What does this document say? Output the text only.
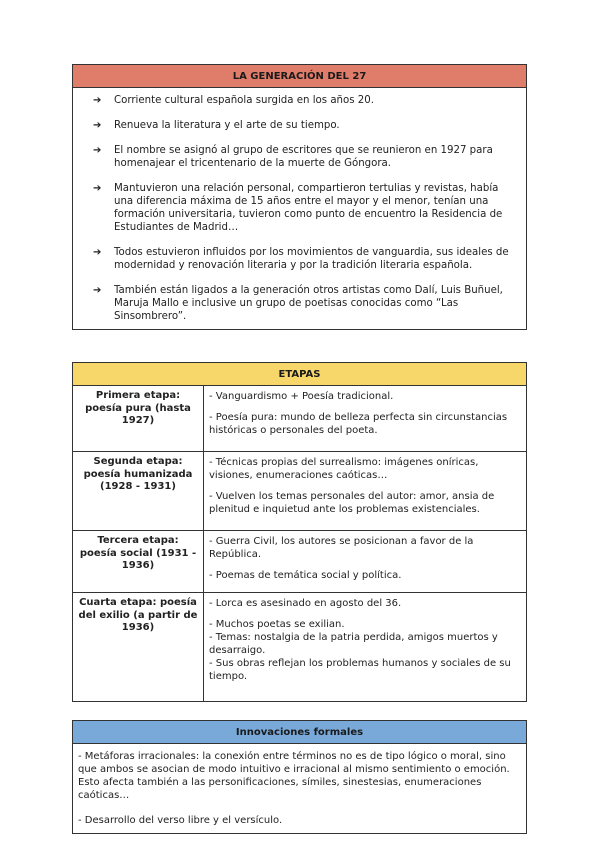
LA GENERACIÓN DEL 27
➔ Corriente cultural española surgida en los años 20.
➔ Renueva la literatura y el arte de su tiempo.
➔ El nombre se asignó al grupo de escritores que se reunieron en 1927 para homenajear el tricentenario de la muerte de Góngora.
➔ Mantuvieron una relación personal, compartieron tertulias y revistas, había una diferencia máxima de 15 años entre el mayor y el menor, tenían una formación universitaria, tuvieron como punto de encuentro la Residencia de Estudiantes de Madrid…
➔ Todos estuvieron influidos por los movimientos de vanguardia, sus ideales de modernidad y renovación literaria y por la tradición literaria española.
➔ También están ligados a la generación otros artistas como Dalí, Luis Buñuel, Maruja Mallo e inclusive un grupo de poetisas conocidas como “Las Sinsombrero”.
ETAPAS
Primera etapa: poesía pura (hasta 1927)	- Vanguardismo + Poesía tradicional.

- Poesía pura: mundo de belleza perfecta sin circunstancias históricas o personales del poeta.

Segunda etapa: poesía humanizada (1928 - 1931)	- Técnicas propias del surrealismo: imágenes oníricas, visiones, enumeraciones caóticas…

- Vuelven los temas personales del autor: amor, ansia de plenitud e inquietud ante los problemas existenciales.

Tercera etapa: poesía social (1931 - 1936)	- Guerra Civil, los autores se posicionan a favor de la República.

- Poemas de temática social y política.

Cuarta etapa: poesía del exilio (a partir de 1936)	- Lorca es asesinado en agosto del 36.

- Muchos poetas se exilian.

- Temas: nostalgia de la patria perdida, amigos muertos y desarraigo.

- Sus obras reflejan los problemas humanos y sociales de su tiempo.

Innovaciones formales

- Metáforas irracionales: la conexión entre términos no es de tipo lógico o moral, sino que ambos se asocian de modo intuitivo e irracional al mismo sentimiento o emoción. Esto afecta también a las personificaciones, símiles, sinestesias, enumeraciones caóticas…

- Desarrollo del verso libre y el versículo.
